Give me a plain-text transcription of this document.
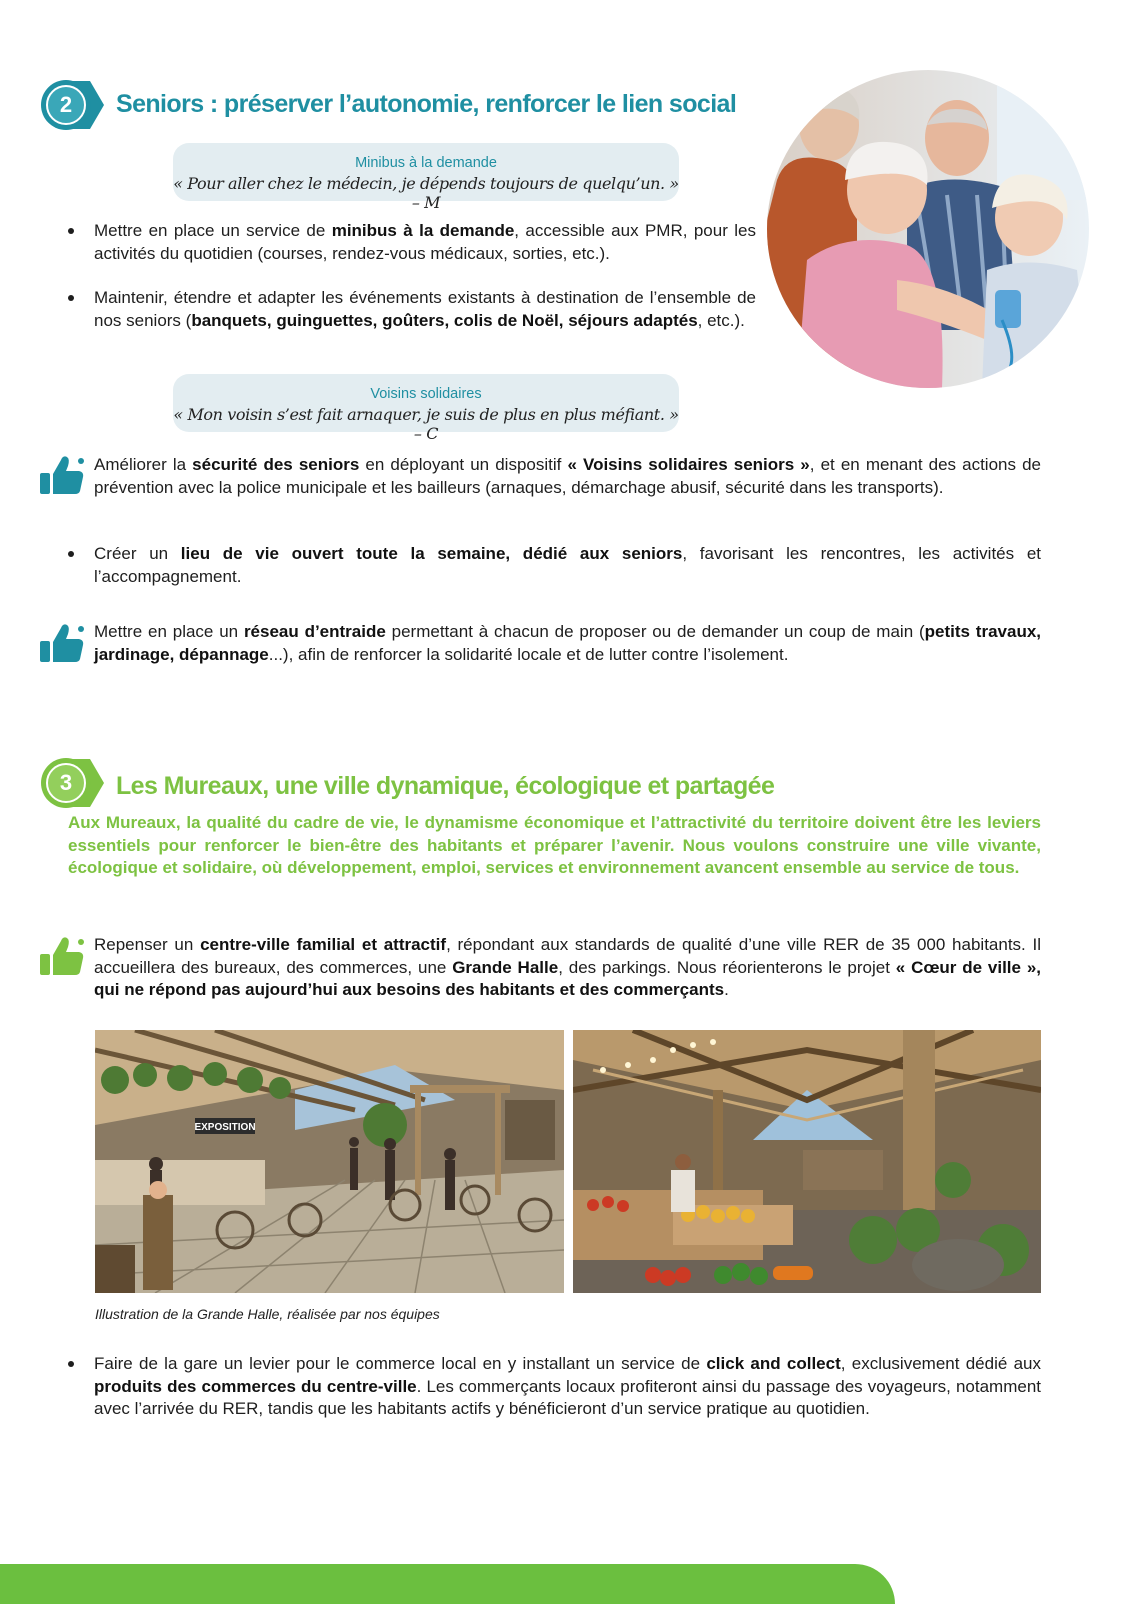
2	Seniors : préserver l’autonomie, renforcer le lien social
Minibus à la demande
« Pour aller chez le médecin, je dépends toujours de quelqu’un. » – M
Mettre en place un service de minibus à la demande, accessible aux PMR, pour les activités du quotidien (courses, rendez-vous médicaux, sorties, etc.).
Maintenir, étendre et adapter les événements existants à destination de l’ensemble de nos seniors (banquets, guinguettes, goûters, colis de Noël, séjours adaptés, etc.).
Voisins solidaires
« Mon voisin s’est fait arnaquer, je suis de plus en plus méfiant. » – C
Améliorer la sécurité des seniors en déployant un dispositif « Voisins solidaires seniors », et en menant des actions de prévention avec la police municipale et les bailleurs (arnaques, démarchage abusif, sécurité dans les transports).
Créer un lieu de vie ouvert toute la semaine, dédié aux seniors, favorisant les rencontres, les activités et l’accompagnement.
Mettre en place un réseau d’entraide permettant à chacun de proposer ou de demander un coup de main (petits travaux, jardinage, dépannage...), afin de renforcer la solidarité locale et de lutter contre l’isolement.
3	Les Mureaux, une ville dynamique, écologique et partagée
Aux Mureaux, la qualité du cadre de vie, le dynamisme économique et l’attractivité du territoire doivent être les leviers essentiels pour renforcer le bien-être des habitants et préparer l’avenir. Nous voulons construire une ville vivante, écologique et solidaire, où développement, emploi, services et environnement avancent ensemble au service de tous.
Repenser un centre-ville familial et attractif, répondant aux standards de qualité d’une ville RER de 35 000 habitants. Il accueillera des bureaux, des commerces, une Grande Halle, des parkings. Nous réorienterons le projet « Cœur de ville », qui ne répond pas aujourd’hui aux besoins des habitants et des commerçants.
EXPOSITION
Illustration de la Grande Halle, réalisée par nos équipes
Faire de la gare un levier pour le commerce local en y installant un service de click and collect, exclusivement dédié aux produits des commerces du centre-ville. Les commerçants locaux profiteront ainsi du passage des voyageurs, notamment avec l’arrivée du RER, tandis que les habitants actifs y bénéficieront d’un service pratique au quotidien.
